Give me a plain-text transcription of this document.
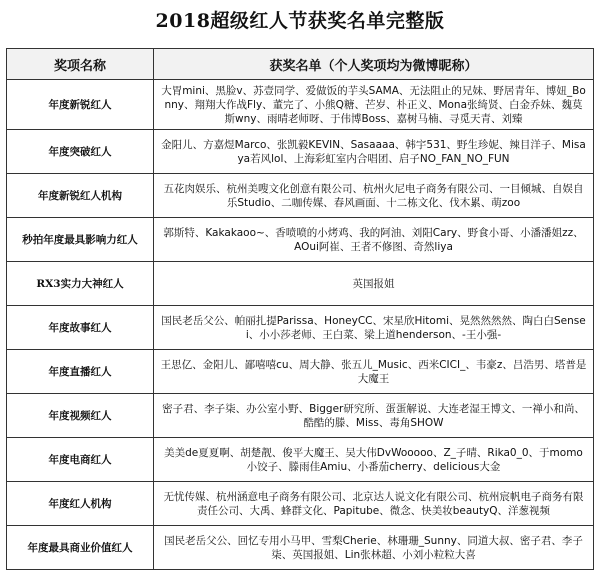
2018超级红人节获奖名单完整版
奖项名称	获奖名单（个人奖项均为微博昵称）
年度新锐红人	大胃mini、黑脸v、苏壹同学、爱做饭的芋头SAMA、无法阻止的兄妹、野居青年、博妞_Bonny、翔翔大作战Fly、董完了、小熊Q糖、芒岁、朴正义、Mona张绮贤、白金乔妹、魏莫斯wny、雨晴老师呀、于伟博Boss、嘉树马楠、寻觅天青、刘臻
年度突破红人	金阳儿、方嘉煜Marco、张凯毅KEVIN、Sasaaaa、韩宇531、野生珍妮、辣目洋子、Misaya若风lol、上海彩虹室内合唱团、启子NO_FAN_NO_FUN
年度新锐红人机构	五花肉娱乐、杭州美嗖文化创意有限公司、杭州火尼电子商务有限公司、一目倾城、自娱自乐Studio、二咖传媒、春风画面、十二栋文化、伐木累、萌zoo
秒拍年度最具影响力红人	郭斯特、Kakakaoo~、香喷喷的小烤鸡、我的阿油、刘阳Cary、野食小哥、小潘潘姐zz、AOui阿崔、王者不修图、奇然liya
RX3实力大神红人	英国报姐
年度故事红人	国民老岳父公、帕丽扎提Parissa、HoneyCC、宋星欣Hitomi、晃然然然然、陶白白Sensei、小小莎老师、王白菜、梁上道henderson、-王小强-
年度直播红人	王思亿、金阳儿、鄙嘻嘻cu、周大静、张五儿_Music、西米CICI_、韦豪z、吕浩男、塔普是大魔王
年度视频红人	密子君、李子柒、办公室小野、Bigger研究所、蛋蛋解说、大连老湿王博文、一禅小和尚、酷酷的滕、Miss、毒角SHOW
年度电商红人	美美de夏夏啊、胡楚靓、俊平大魔王、吴大伟DvWooooo、Z_子晴、Rika0_0、于momo小饺子、滕雨佳Amiu、小番茄cherry、delicious大金
年度红人机构	无忧传媒、杭州涵意电子商务有限公司、北京达人说文化有限公司、杭州宸帆电子商务有限责任公司、大禹、蜂群文化、Papitube、微念、快美妆beautyQ、洋葱视频
年度最具商业价值红人	国民老岳父公、回忆专用小马甲、雪梨Cherie、林珊珊_Sunny、同道大叔、密子君、李子柒、英国报姐、Lin张林超、小刘小粒粒大喜
